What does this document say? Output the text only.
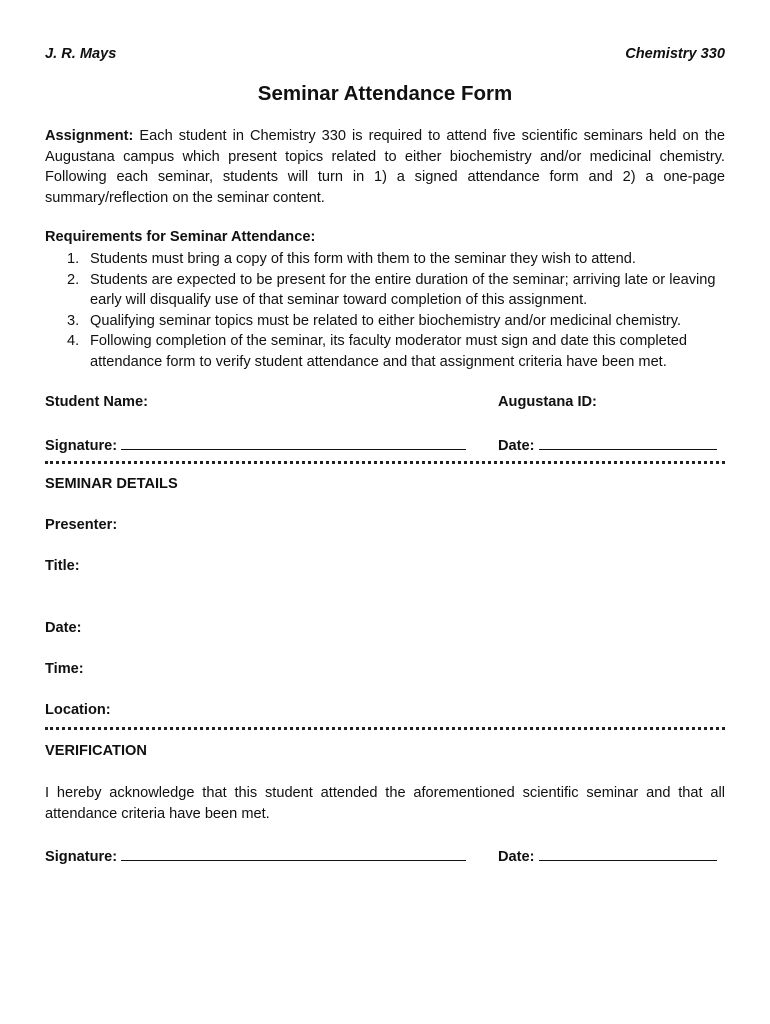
J. R. Mays	Chemistry 330
Seminar Attendance Form
Assignment: Each student in Chemistry 330 is required to attend five scientific seminars held on the Augustana campus which present topics related to either biochemistry and/or medicinal chemistry. Following each seminar, students will turn in 1) a signed attendance form and 2) a one-page summary/reflection on the seminar content.
Requirements for Seminar Attendance:
1. Students must bring a copy of this form with them to the seminar they wish to attend.
2. Students are expected to be present for the entire duration of the seminar; arriving late or leaving early will disqualify use of that seminar toward completion of this assignment.
3. Qualifying seminar topics must be related to either biochemistry and/or medicinal chemistry.
4. Following completion of the seminar, its faculty moderator must sign and date this completed attendance form to verify student attendance and that assignment criteria have been met.
Student Name:	Augustana ID:
Signature:	Date:
SEMINAR DETAILS
Presenter:
Title:
Date:
Time:
Location:
VERIFICATION
I hereby acknowledge that this student attended the aforementioned scientific seminar and that all attendance criteria have been met.
Signature:	Date:
